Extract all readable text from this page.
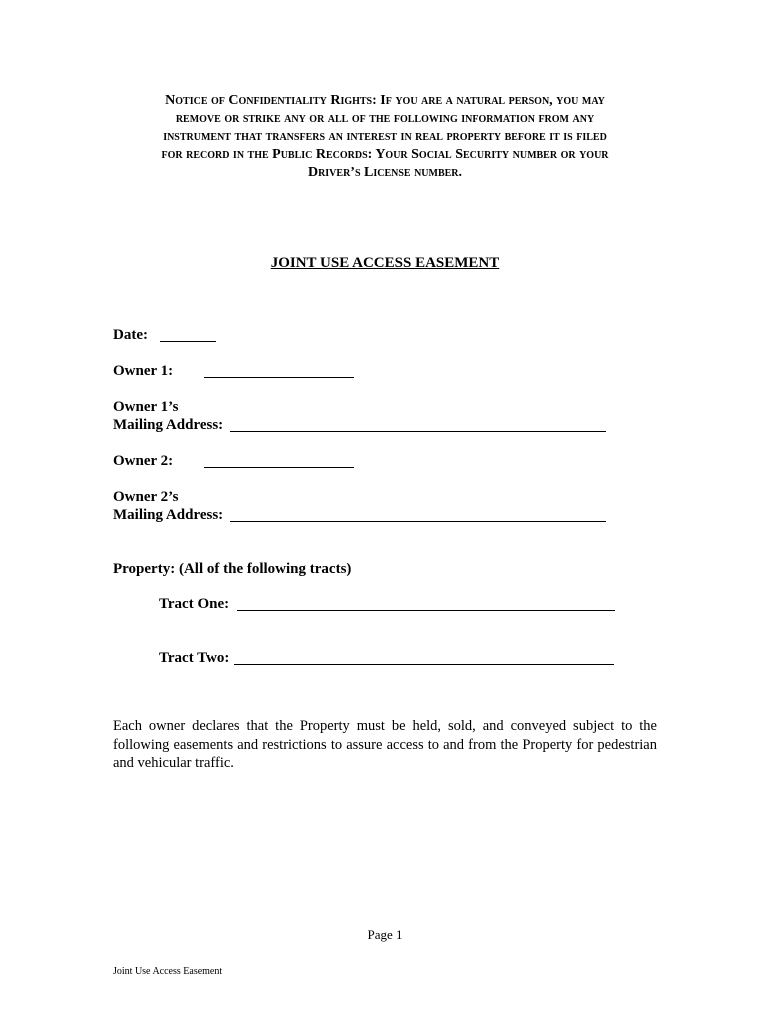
Notice of Confidentiality Rights: If you are a natural person, you may
remove or strike any or all of the following information from any
instrument that transfers an interest in real property before it is filed
for record in the Public Records: Your Social Security number or your
Driver’s License number.
JOINT USE ACCESS EASEMENT
Date:
Owner 1:
Owner 1’s
Mailing Address:
Owner 2:
Owner 2’s
Mailing Address:
Property: (All of the following tracts)
Tract One:
Tract Two:
Each owner declares that the Property must be held, sold, and conveyed subject to the following easements and restrictions to assure access to and from the Property for pedestrian and vehicular traffic.
Page 1
Joint Use Access Easement
